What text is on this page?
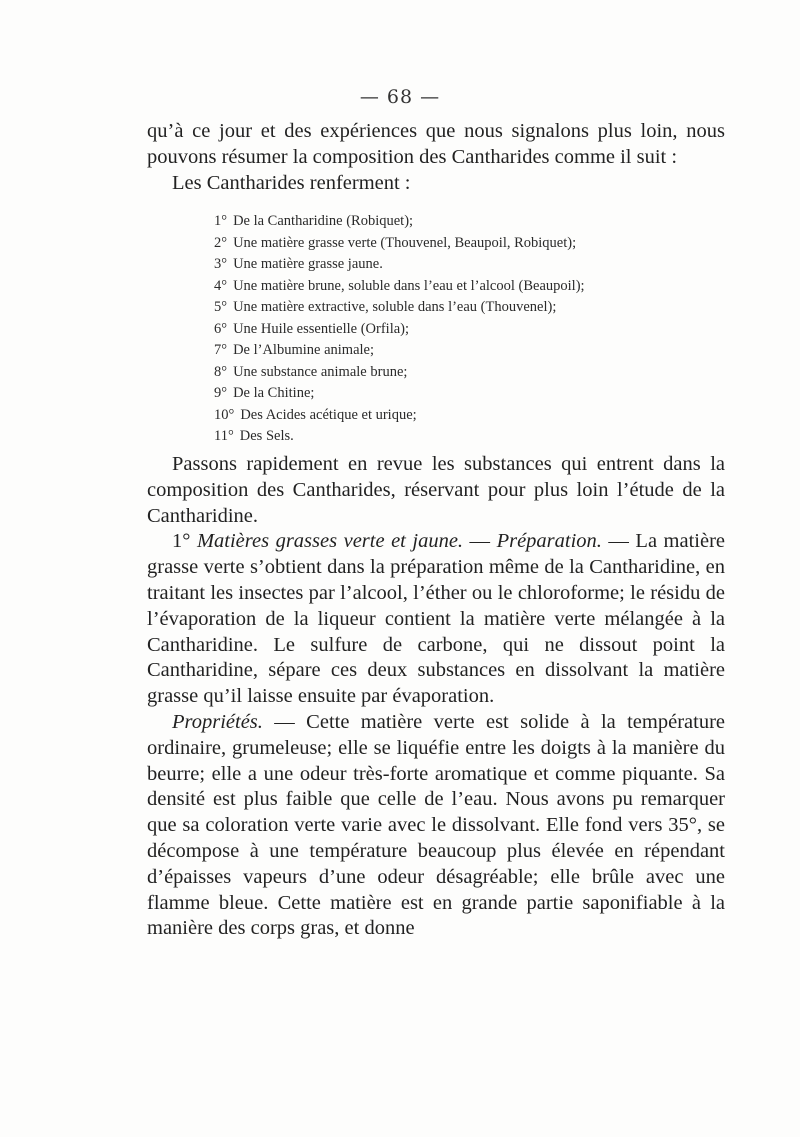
— 68 —

qu’à ce jour et des expériences que nous signalons plus loin, nous pouvons résumer la composition des Cantharides comme il suit :

Les Cantharides renferment :

1° De la Cantharidine (Robiquet);
2° Une matière grasse verte (Thouvenel, Beaupoil, Robiquet);
3° Une matière grasse jaune.
4° Une matière brune, soluble dans l’eau et l’alcool (Beaupoil);
5° Une matière extractive, soluble dans l’eau (Thouvenel);
6° Une Huile essentielle (Orfila);
7° De l’Albumine animale;
8° Une substance animale brune;
9° De la Chitine;
10° Des Acides acétique et urique;
11° Des Sels.

Passons rapidement en revue les substances qui entrent dans la composition des Cantharides, réservant pour plus loin l’étude de la Cantharidine.

1° Matières grasses verte et jaune. — Préparation. — La matière grasse verte s’obtient dans la préparation même de la Cantharidine, en traitant les insectes par l’alcool, l’éther ou le chloroforme; le résidu de l’évaporation de la liqueur contient la matière verte mélangée à la Cantharidine. Le sulfure de carbone, qui ne dissout point la Cantharidine, sépare ces deux substances en dissolvant la matière grasse qu’il laisse ensuite par évaporation.

Propriétés. — Cette matière verte est solide à la température ordinaire, grumeleuse; elle se liquéfie entre les doigts à la manière du beurre; elle a une odeur très-forte aromatique et comme piquante. Sa densité est plus faible que celle de l’eau. Nous avons pu remarquer que sa coloration verte varie avec le dissolvant. Elle fond vers 35°, se décompose à une température beaucoup plus élevée en répendant d’épaisses vapeurs d’une odeur désagréable; elle brûle avec une flamme bleue. Cette matière est en grande partie saponifiable à la manière des corps gras, et donne
